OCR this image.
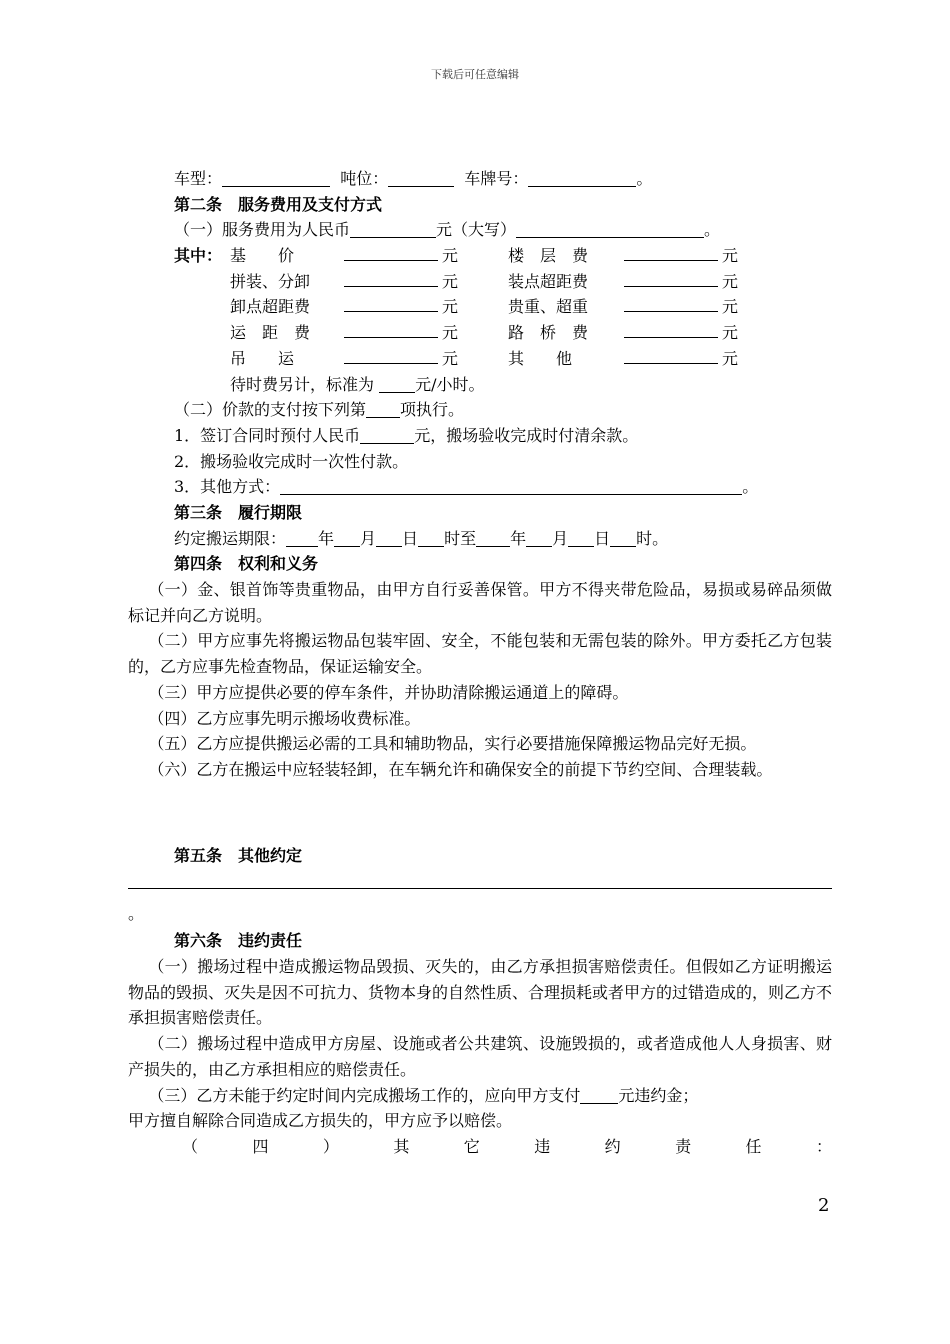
下载后可任意编辑
车型：	吨位：	车牌号：	。
第二条　服务费用及支付方式
（一）服务费用为人民币	元（大写）	。
其中： 基　　价	元	楼　层　费	元
拼装、分卸	元	装点超距费	元
卸点超距费	元	贵重、超重	元
运　距　费	元	路　桥　费	元
吊　　运	元	其　　他	元
待时费另计，标准为	元/小时。
（二）价款的支付按下列第 项执行。
1．签订合同时预付人民币	元，搬场验收完成时付清余款。
2．搬场验收完成时一次性付款。
3．其他方式：	。
第三条　履行期限
约定搬运期限： 年 月 日 时至 年 月 日 时。
第四条　权利和义务
（一）金、银首饰等贵重物品，由甲方自行妥善保管。甲方不得夹带危险品，易损或易碎品须做标记并向乙方说明。
（二）甲方应事先将搬运物品包装牢固、安全，不能包装和无需包装的除外。甲方委托乙方包装的，乙方应事先检查物品，保证运输安全。
（三）甲方应提供必要的停车条件，并协助清除搬运通道上的障碍。
（四）乙方应事先明示搬场收费标准。
（五）乙方应提供搬运必需的工具和辅助物品，实行必要措施保障搬运物品完好无损。
（六）乙方在搬运中应轻装轻卸，在车辆允许和确保安全的前提下节约空间、合理装载。
第五条　其他约定
。
第六条　违约责任
（一）搬场过程中造成搬运物品毁损、灭失的，由乙方承担损害赔偿责任。但假如乙方证明搬运物品的毁损、灭失是因不可抗力、货物本身的自然性质、合理损耗或者甲方的过错造成的，则乙方不承担损害赔偿责任。
（二）搬场过程中造成甲方房屋、设施或者公共建筑、设施毁损的，或者造成他人人身损害、财产损失的，由乙方承担相应的赔偿责任。
（三）乙方未能于约定时间内完成搬场工作的，应向甲方支付 元违约金；
甲方擅自解除合同造成乙方损失的，甲方应予以赔偿。
（	四	）	其	它	违	约	责	任	：
2
